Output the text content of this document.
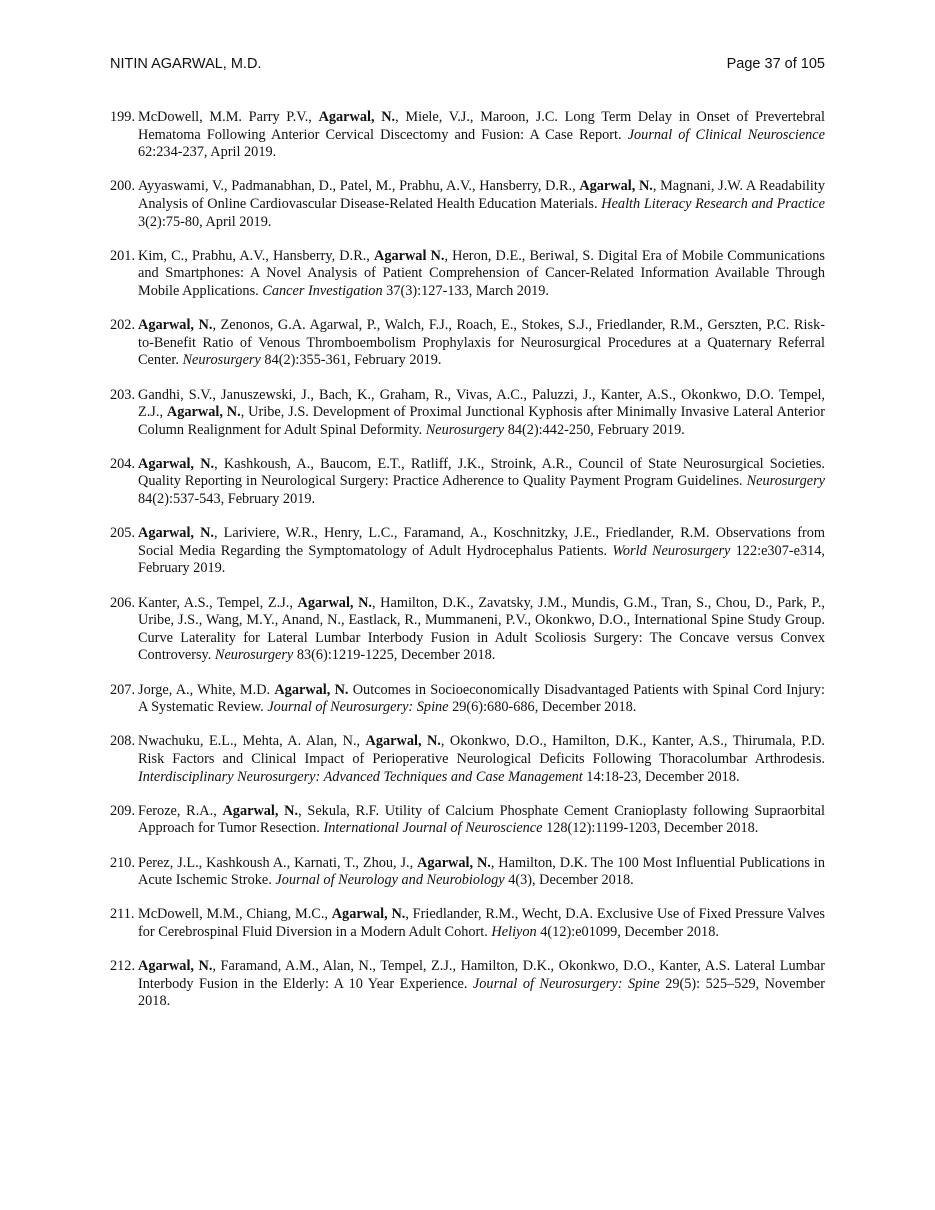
NITIN AGARWAL, M.D.	Page 37 of 105
199. McDowell, M.M. Parry P.V., Agarwal, N., Miele, V.J., Maroon, J.C. Long Term Delay in Onset of Prevertebral Hematoma Following Anterior Cervical Discectomy and Fusion: A Case Report. Journal of Clinical Neuroscience 62:234-237, April 2019.
200. Ayyaswami, V., Padmanabhan, D., Patel, M., Prabhu, A.V., Hansberry, D.R., Agarwal, N., Magnani, J.W. A Readability Analysis of Online Cardiovascular Disease-Related Health Education Materials. Health Literacy Research and Practice 3(2):75-80, April 2019.
201. Kim, C., Prabhu, A.V., Hansberry, D.R., Agarwal N., Heron, D.E., Beriwal, S. Digital Era of Mobile Communications and Smartphones: A Novel Analysis of Patient Comprehension of Cancer-Related Information Available Through Mobile Applications. Cancer Investigation 37(3):127-133, March 2019.
202. Agarwal, N., Zenonos, G.A. Agarwal, P., Walch, F.J., Roach, E., Stokes, S.J., Friedlander, R.M., Gerszten, P.C. Risk-to-Benefit Ratio of Venous Thromboembolism Prophylaxis for Neurosurgical Procedures at a Quaternary Referral Center. Neurosurgery 84(2):355-361, February 2019.
203. Gandhi, S.V., Januszewski, J., Bach, K., Graham, R., Vivas, A.C., Paluzzi, J., Kanter, A.S., Okonkwo, D.O. Tempel, Z.J., Agarwal, N., Uribe, J.S. Development of Proximal Junctional Kyphosis after Minimally Invasive Lateral Anterior Column Realignment for Adult Spinal Deformity. Neurosurgery 84(2):442-250, February 2019.
204. Agarwal, N., Kashkoush, A., Baucom, E.T., Ratliff, J.K., Stroink, A.R., Council of State Neurosurgical Societies. Quality Reporting in Neurological Surgery: Practice Adherence to Quality Payment Program Guidelines. Neurosurgery 84(2):537-543, February 2019.
205. Agarwal, N., Lariviere, W.R., Henry, L.C., Faramand, A., Koschnitzky, J.E., Friedlander, R.M. Observations from Social Media Regarding the Symptomatology of Adult Hydrocephalus Patients. World Neurosurgery 122:e307-e314, February 2019.
206. Kanter, A.S., Tempel, Z.J., Agarwal, N., Hamilton, D.K., Zavatsky, J.M., Mundis, G.M., Tran, S., Chou, D., Park, P., Uribe, J.S., Wang, M.Y., Anand, N., Eastlack, R., Mummaneni, P.V., Okonkwo, D.O., International Spine Study Group. Curve Laterality for Lateral Lumbar Interbody Fusion in Adult Scoliosis Surgery: The Concave versus Convex Controversy. Neurosurgery 83(6):1219-1225, December 2018.
207. Jorge, A., White, M.D. Agarwal, N. Outcomes in Socioeconomically Disadvantaged Patients with Spinal Cord Injury: A Systematic Review. Journal of Neurosurgery: Spine 29(6):680-686, December 2018.
208. Nwachuku, E.L., Mehta, A. Alan, N., Agarwal, N., Okonkwo, D.O., Hamilton, D.K., Kanter, A.S., Thirumala, P.D. Risk Factors and Clinical Impact of Perioperative Neurological Deficits Following Thoracolumbar Arthrodesis. Interdisciplinary Neurosurgery: Advanced Techniques and Case Management 14:18-23, December 2018.
209. Feroze, R.A., Agarwal, N., Sekula, R.F. Utility of Calcium Phosphate Cement Cranioplasty following Supraorbital Approach for Tumor Resection. International Journal of Neuroscience 128(12):1199-1203, December 2018.
210. Perez, J.L., Kashkoush A., Karnati, T., Zhou, J., Agarwal, N., Hamilton, D.K. The 100 Most Influential Publications in Acute Ischemic Stroke. Journal of Neurology and Neurobiology 4(3), December 2018.
211. McDowell, M.M., Chiang, M.C., Agarwal, N., Friedlander, R.M., Wecht, D.A. Exclusive Use of Fixed Pressure Valves for Cerebrospinal Fluid Diversion in a Modern Adult Cohort. Heliyon 4(12):e01099, December 2018.
212. Agarwal, N., Faramand, A.M., Alan, N., Tempel, Z.J., Hamilton, D.K., Okonkwo, D.O., Kanter, A.S. Lateral Lumbar Interbody Fusion in the Elderly: A 10 Year Experience. Journal of Neurosurgery: Spine 29(5): 525–529, November 2018.
